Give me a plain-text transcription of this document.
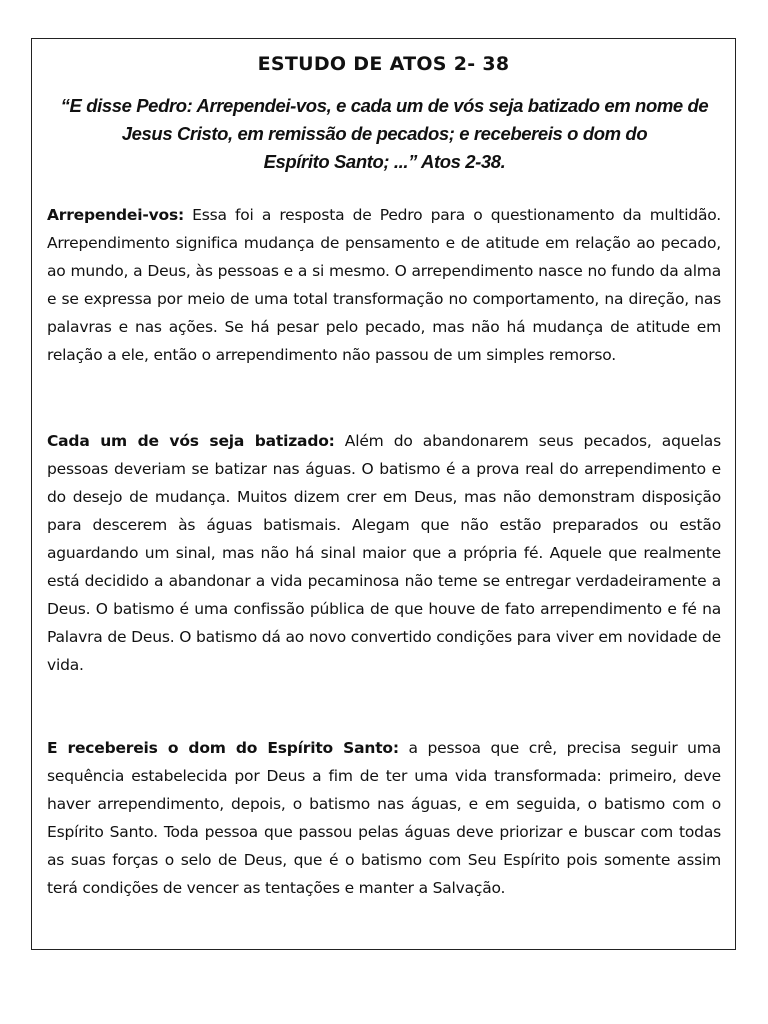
ESTUDO DE ATOS 2- 38

“E disse Pedro: Arrependei-vos, e cada um de vós seja batizado em nome de
Jesus Cristo, em remissão de pecados; e recebereis o dom do
Espírito Santo; ...” Atos 2-38.

Arrependei-vos: Essa foi a resposta de Pedro para o questionamento da multidão. Arrependimento significa mudança de pensamento e de atitude em relação ao pecado, ao mundo, a Deus, às pessoas e a si mesmo. O arrependimento nasce no fundo da alma e se expressa por meio de uma total transformação no comportamento, na direção, nas palavras e nas ações. Se há pesar pelo pecado, mas não há mudança de atitude em relação a ele, então o arrependimento não passou de um simples remorso.

Cada um de vós seja batizado: Além do abandonarem seus pecados, aquelas pessoas deveriam se batizar nas águas. O batismo é a prova real do arrependimento e do desejo de mudança. Muitos dizem crer em Deus, mas não demonstram disposição para descerem às águas batismais. Alegam que não estão preparados ou estão aguardando um sinal, mas não há sinal maior que a própria fé. Aquele que realmente está decidido a abandonar a vida pecaminosa não teme se entregar verdadeiramente a Deus. O batismo é uma confissão pública de que houve de fato arrependimento e fé na Palavra de Deus. O batismo dá ao novo convertido condições para viver em novidade de vida.

E recebereis o dom do Espírito Santo: a pessoa que crê, precisa seguir uma sequência estabelecida por Deus a fim de ter uma vida transformada: primeiro, deve haver arrependimento, depois, o batismo nas águas, e em seguida, o batismo com o Espírito Santo. Toda pessoa que passou pelas águas deve priorizar e buscar com todas as suas forças o selo de Deus, que é o batismo com Seu Espírito pois somente assim terá condições de vencer as tentações e manter a Salvação.
